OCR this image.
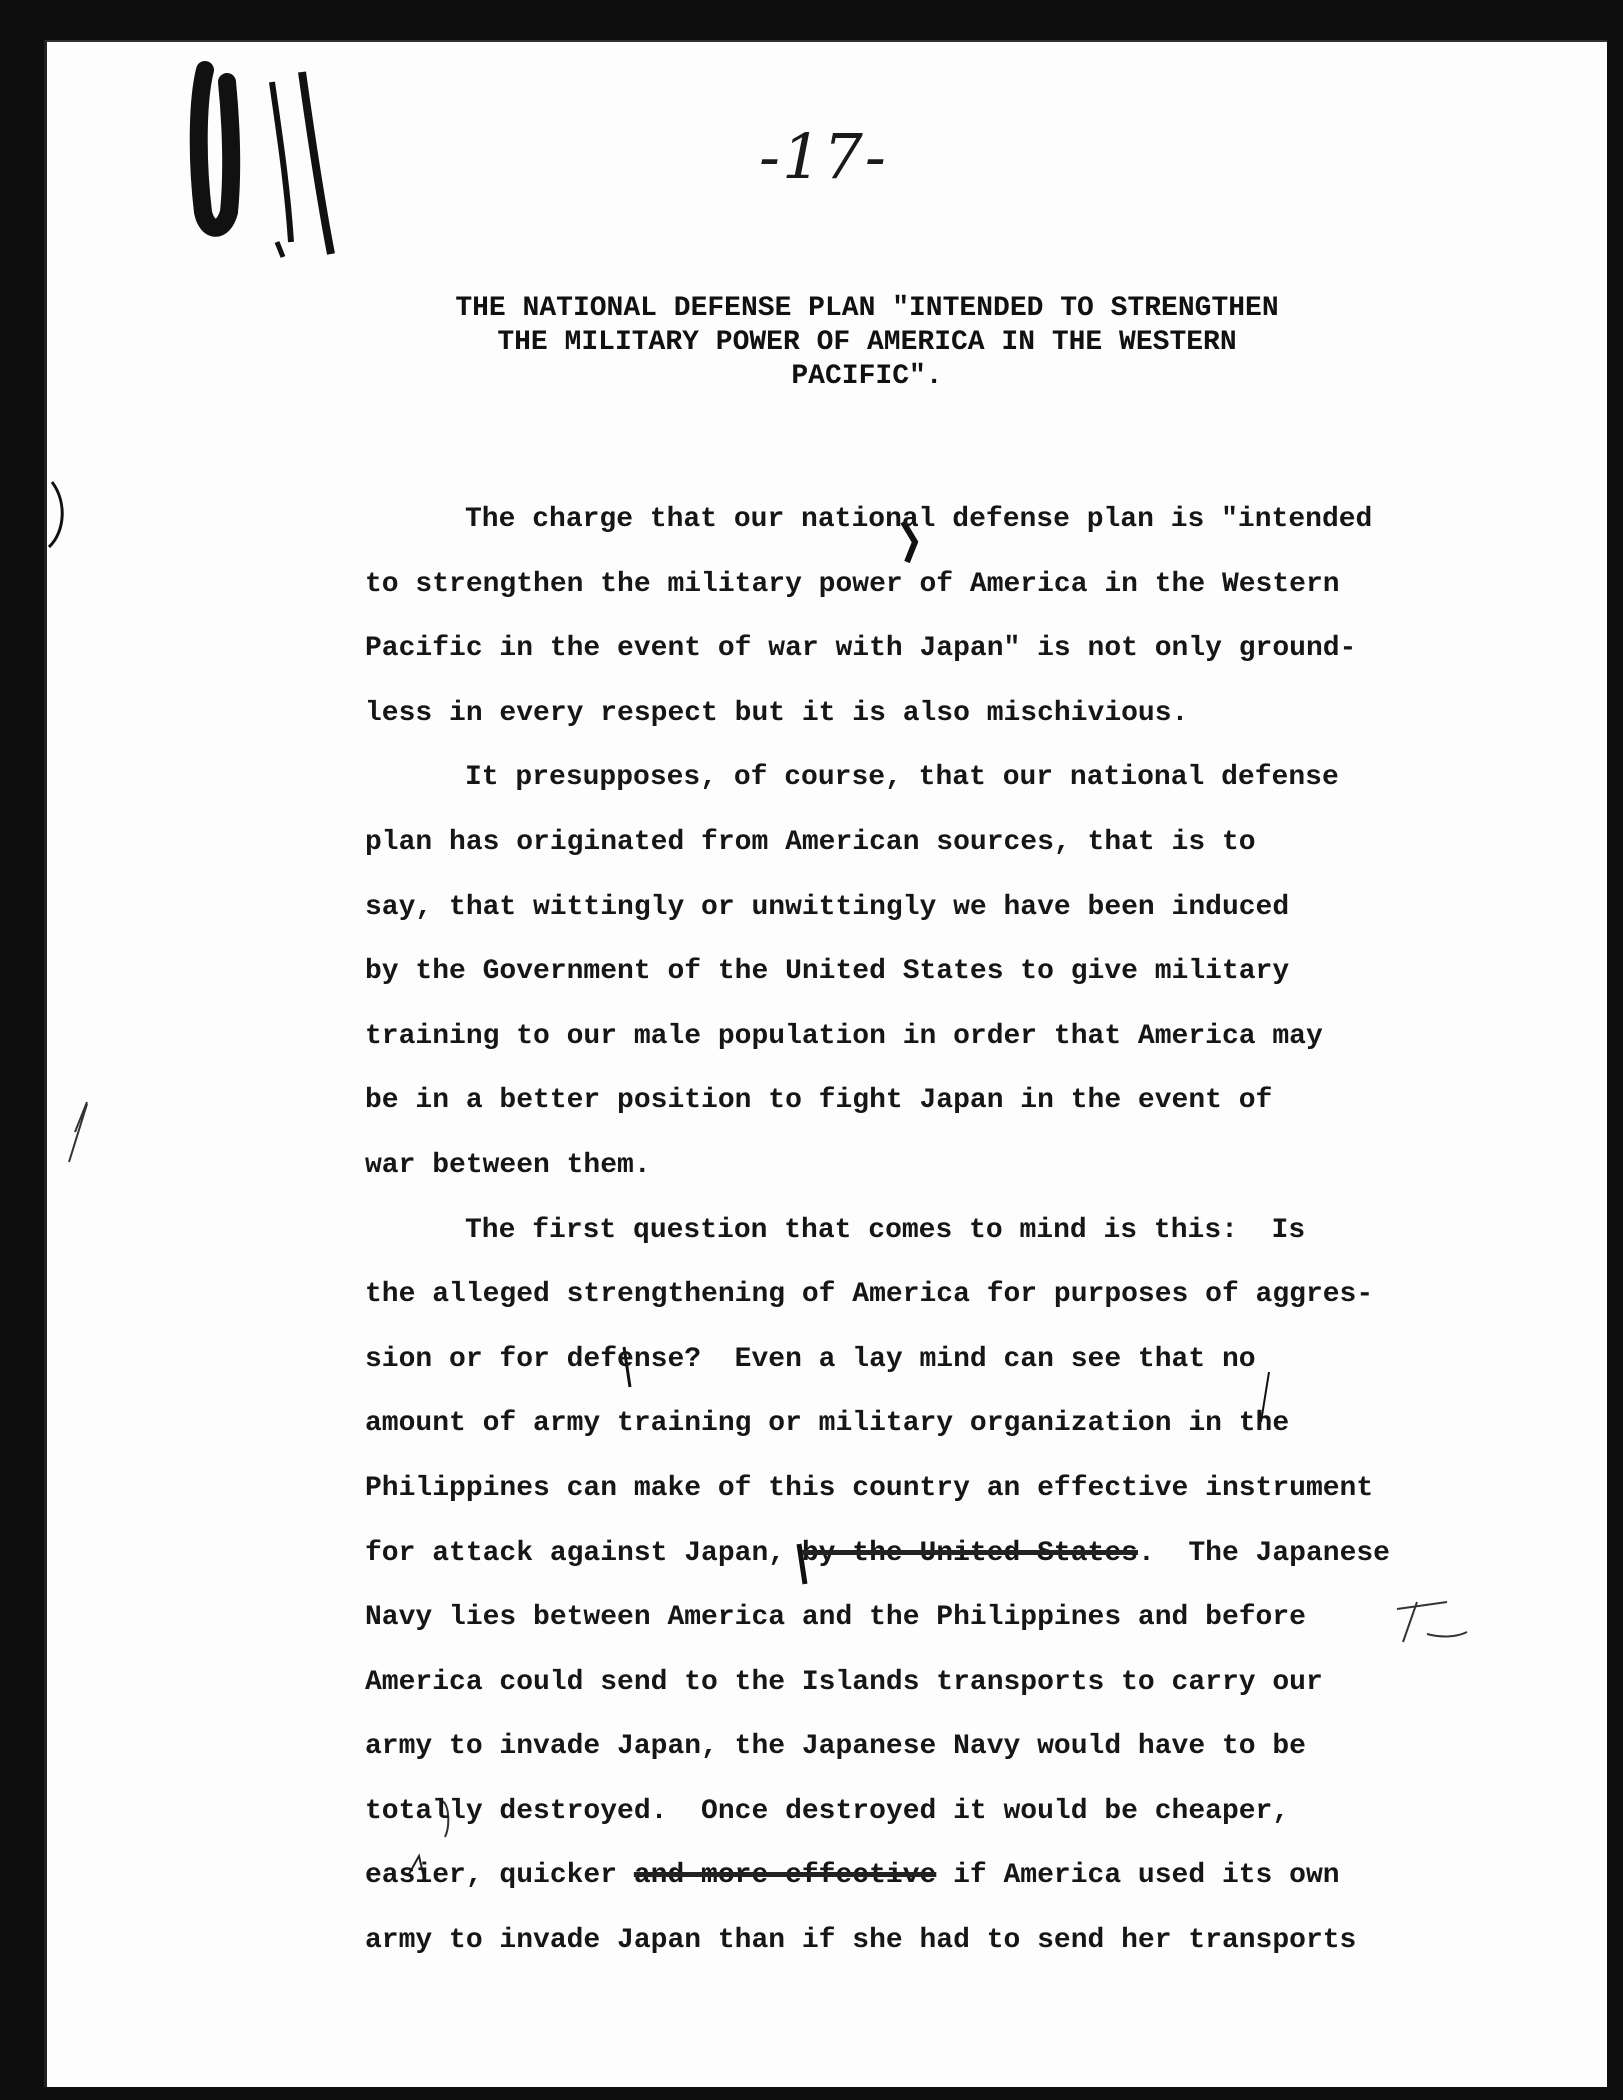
-17-
THE NATIONAL DEFENSE PLAN "INTENDED TO STRENGTHEN
THE MILITARY POWER OF AMERICA IN THE WESTERN
PACIFIC".
The charge that our national defense plan is "intended
to strengthen the military power of America in the Western
Pacific in the event of war with Japan" is not only ground-
less in every respect but it is also mischivious.
It presupposes, of course, that our national defense
plan has originated from American sources, that is to
say, that wittingly or unwittingly we have been induced
by the Government of the United States to give military
training to our male population in order that America may
be in a better position to fight Japan in the event of
war between them.
The first question that comes to mind is this:  Is
the alleged strengthening of America for purposes of aggres-
sion or for defense?  Even a lay mind can see that no
amount of army training or military organization in the
Philippines can make of this country an effective instrument
for attack against Japan, by the United States.  The Japanese
Navy lies between America and the Philippines and before
America could send to the Islands transports to carry our
army to invade Japan, the Japanese Navy would have to be
totally destroyed.  Once destroyed it would be cheaper,
easier, quicker and more effective if America used its own
army to invade Japan than if she had to send her transports
